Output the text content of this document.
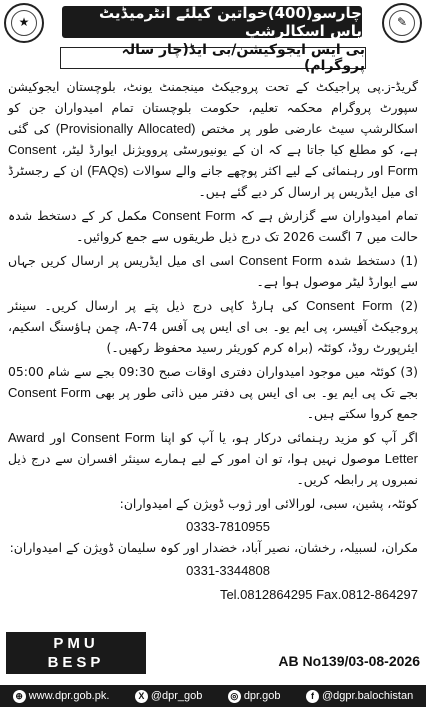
★	چارسو(400)خواتین کیلئے انٹرمیڈیٹ پاس اسکالرشپ	✎
بی ایس ایجوکیشن/بی ایڈ(چار سالہ پروگرام)

گریڈ-ز.پی پراجیکٹ کے تحت پروجیکٹ مینجمنٹ یونٹ، بلوچستان ایجوکیشن سپورٹ پروگرام محکمہ تعلیم، حکومت بلوچستان تمام امیدواران جن کو اسکالرشپ سیٹ عارضی طور پر مختص (Provisionally Allocated) کی گئی ہے، کو مطلع کیا جاتا ہے کہ ان کے یونیورسٹی پروویژنل ایوارڈ لیٹر، Consent Form اور رہنمائی کے لیے اکثر پوچھے جانے والے سوالات (FAQs) ان کے رجسٹرڈ ای میل ایڈریس پر ارسال کر دیے گئے ہیں۔

تمام امیدواران سے گزارش ہے کہ Consent Form مکمل کر کے دستخط شدہ حالت میں 7 اگست 2026 تک درج ذیل طریقوں سے جمع کروائیں۔

(1) دستخط شدہ Consent Form اسی ای میل ایڈریس پر ارسال کریں جہاں سے ایوارڈ لیٹر موصول ہوا ہے۔

(2) Consent Form کی ہارڈ کاپی درج ذیل پتے پر ارسال کریں۔ سینئر پروجیکٹ آفیسر، پی ایم یو۔ بی ای ایس پی آفس 74-A، چمن ہاؤسنگ اسکیم، ایئرپورٹ روڈ، کوئٹہ (براہ کرم کوریئر رسید محفوظ رکھیں۔)

(3) کوئٹہ میں موجود امیدواران دفتری اوقات صبح 09:30 بجے سے شام 05:00 بجے تک پی ایم یو۔ بی ای ایس پی دفتر میں ذاتی طور پر بھی Consent Form جمع کروا سکتے ہیں۔

اگر آپ کو مزید رہنمائی درکار ہو، یا آپ کو اپنا Consent Form اور Award Letter موصول نہیں ہوا، تو ان امور کے لیے ہمارے سینئر افسران سے درج ذیل نمبروں پر رابطہ کریں۔

کوئٹہ، پشین، سبی، لورالائی اور ژوب ڈویژن کے امیدواران:

0333-7810955

مکران، لسبیلہ، رخشان، نصیر آباد، خضدار اور کوہ سلیمان ڈویژن کے امیدواران:

0331-3344808
Tel.0812864295 Fax.0812-864297
PMU
BESP	AB No139/03-08-2026
⊕ www.dpr.gob.pk.	X @dpr_gob	◎ dpr.gob	f @dgpr.balochistan
